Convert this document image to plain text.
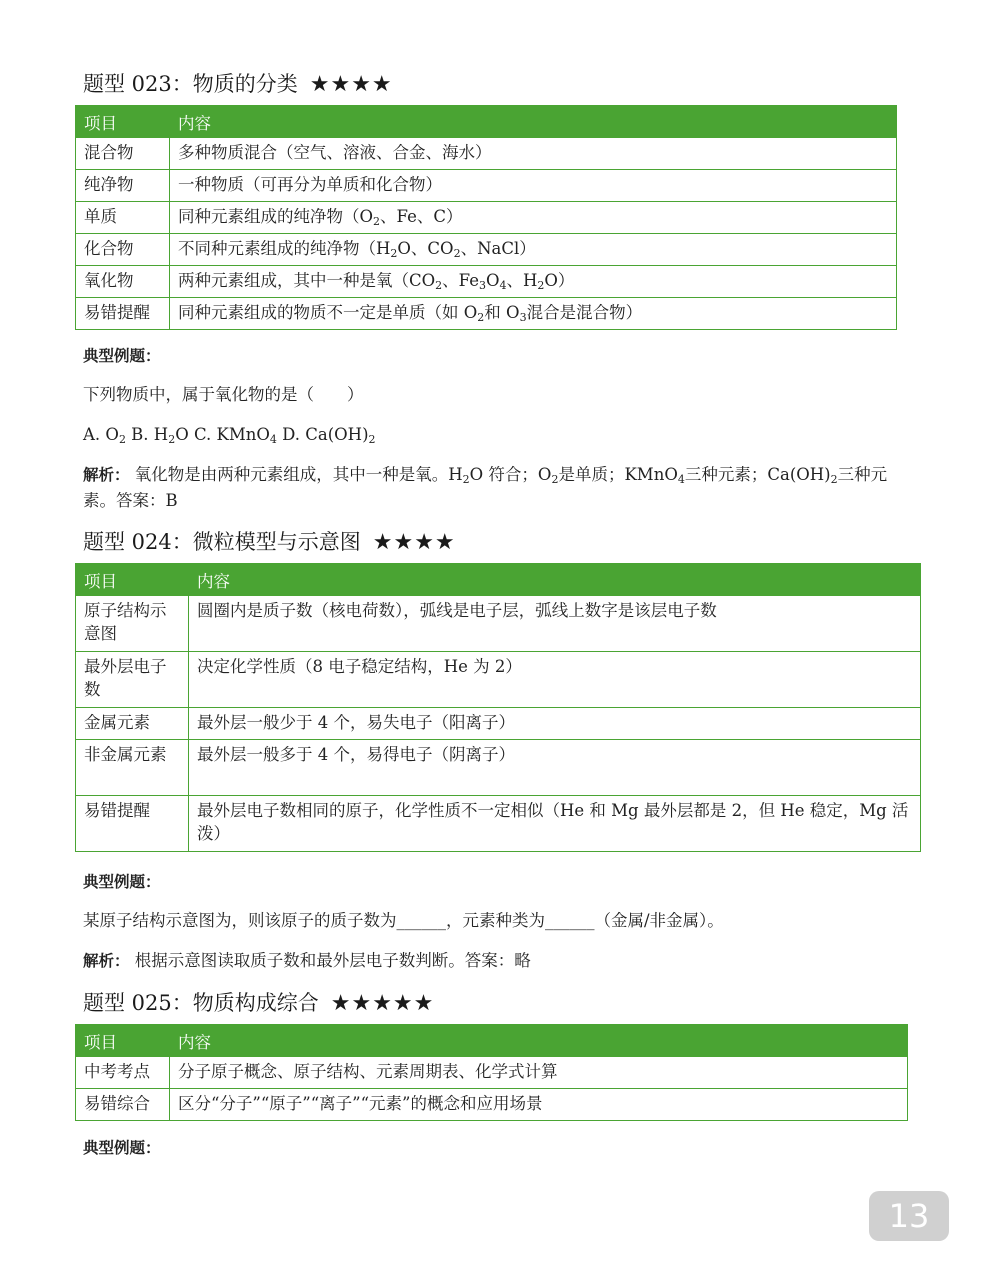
题型 023：物质的分类 ★★★★
项目	内容
混合物	多种物质混合（空气、溶液、合金、海水）
纯净物	一种物质（可再分为单质和化合物）
单质	同种元素组成的纯净物（$O_2$、Fe、C）
化合物	不同种元素组成的纯净物（$H_2O$、$CO_2$、NaCl）
氧化物	两种元素组成，其中一种是氧（$CO_2$、$Fe_3O_4$、$H_2O$）
易错提醒	同种元素组成的物质不一定是单质（如 $O_2$和 $O_3$混合是混合物）
典型例题：
下列物质中，属于氧化物的是（　　）
A. $O_2$ B. $H_2O$ C. KMnO$_4$ D. $Ca(OH)_2$
解析： 氧化物是由两种元素组成，其中一种是氧。$H_2O$ 符合；$O_2$是单质；KMnO$_4$三种元素；$Ca(OH)_2$三种元素。答案：B
题型 024：微粒模型与示意图 ★★★★
项目	内容
原子结构示意图	圆圈内是质子数（核电荷数），弧线是电子层，弧线上数字是该层电子数
最外层电子数	决定化学性质（8 电子稳定结构，He 为 2）
金属元素	最外层一般少于 4 个，易失电子（阳离子）
非金属元素	最外层一般多于 4 个，易得电子（阴离子）
易错提醒	最外层电子数相同的原子，化学性质不一定相似（He 和 Mg 最外层都是 2，但 He 稳定，Mg 活泼）
典型例题：
某原子结构示意图为，则该原子的质子数为______，元素种类为______（金属/非金属）。
解析： 根据示意图读取质子数和最外层电子数判断。答案：略
题型 025：物质构成综合 ★★★★★
项目	内容
中考考点	分子原子概念、原子结构、元素周期表、化学式计算
易错综合	区分“分子”“原子”“离子”“元素”的概念和应用场景
典型例题：
13
